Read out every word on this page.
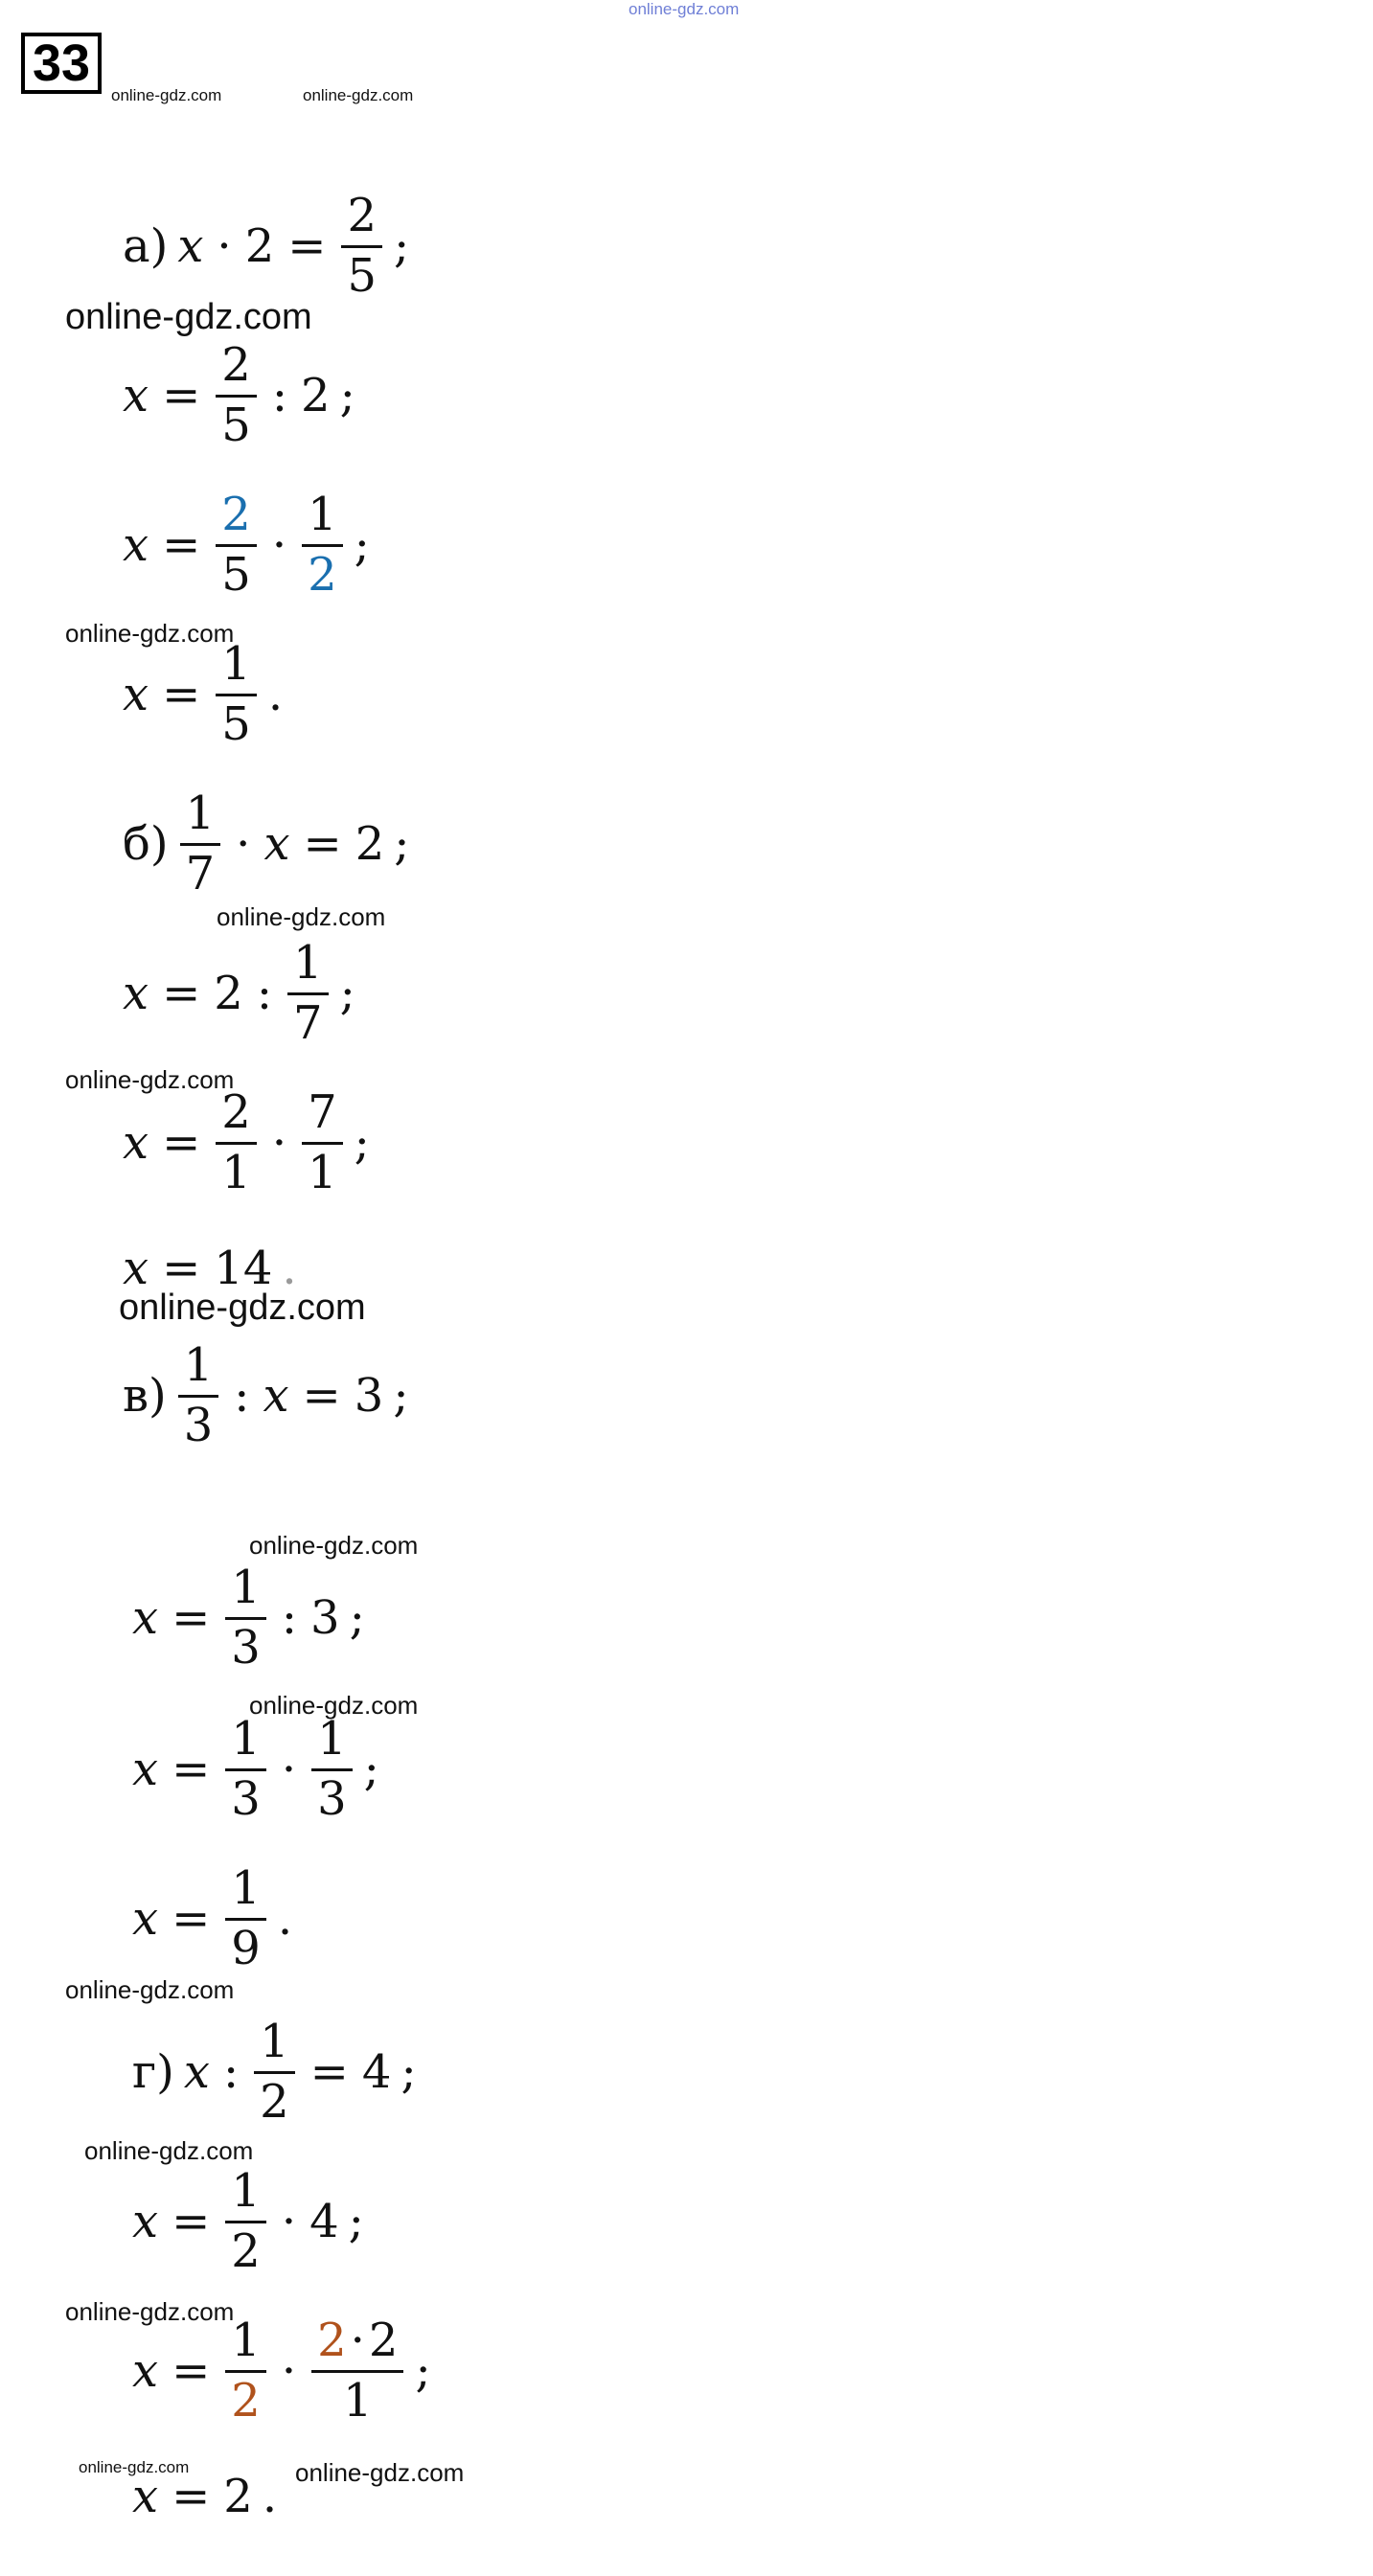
online-gdz.com
33
online-gdz.com	online-gdz.com
online-gdz.com
online-gdz.com
online-gdz.com
online-gdz.com
online-gdz.com
online-gdz.com
online-gdz.com
online-gdz.com
online-gdz.com
online-gdz.com
online-gdz.com	online-gdz.com
а) $x \cdot 2 = \frac{2}{5}$ ;
$x = \frac{2}{5}$ : 2 ;
$x = \frac{2}{5} \cdot \frac{1}{2}$ ;
$x = \frac{1}{5}$ .
$б) \frac{1}{7} \cdot x = 2$ ;
x = 2 : $\frac{1}{7}$ ;
$x = \frac{2}{1} \cdot \frac{7}{1}$ ;
x = 14 .
$в) \frac{1}{3}$ : x = 3 ;
$x = \frac{1}{3}$ : 3 ;
$x = \frac{1}{3} \cdot \frac{1}{3}$ ;
$x = \frac{1}{9}$ .
г) x : $\frac{1}{2} = 4$ ;
$x = \frac{1}{2} \cdot 4$ ;
$x = \frac{1}{2} \cdot \frac{2\cdot 2}{1}$ ;
x = 2 .
